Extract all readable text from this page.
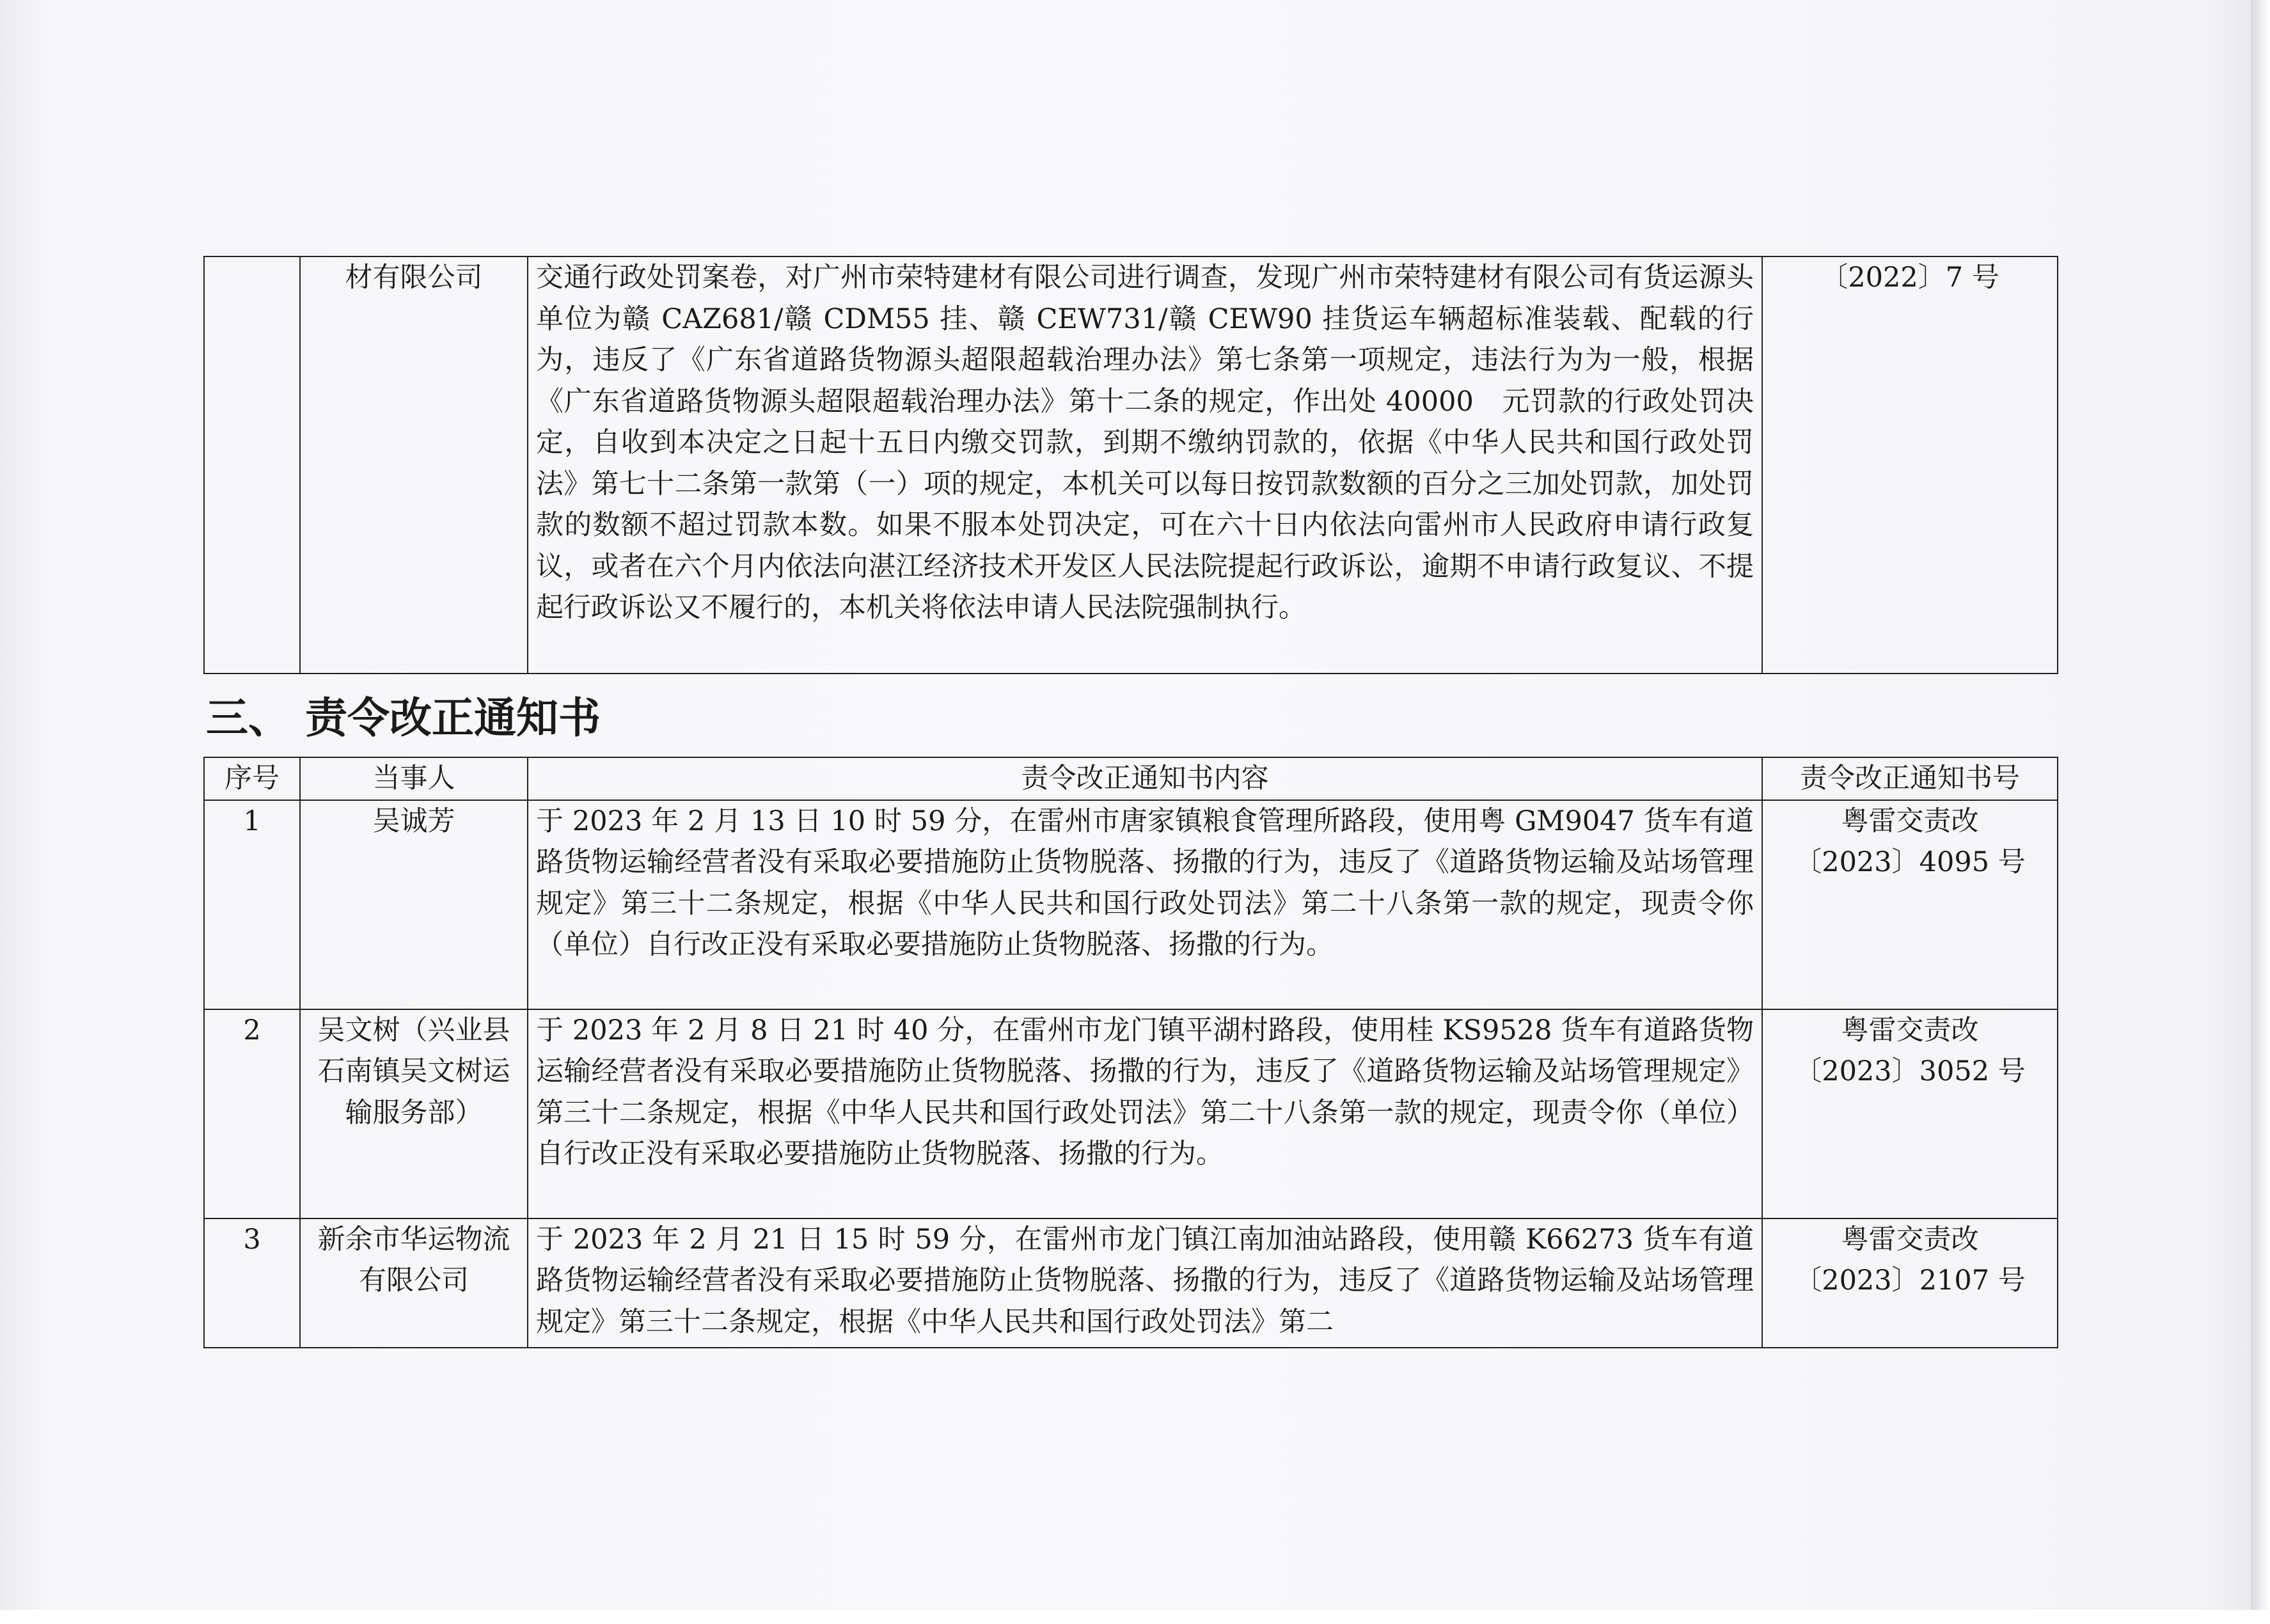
	材有限公司	交通行政处罚案卷，对广州市荣特建材有限公司进行调查，发现广州市荣特建材有限公司有货运源头单位为赣 CAZ681/赣 CDM55 挂、赣 CEW731/赣 CEW90 挂货运车辆超标准装载、配载的行为，违反了《广东省道路货物源头超限超载治理办法》第七条第一项规定，违法行为为一般，根据《广东省道路货物源头超限超载治理办法》第十二条的规定，作出处 40000　元罚款的行政处罚决定，自收到本决定之日起十五日内缴交罚款，到期不缴纳罚款的，依据《中华人民共和国行政处罚法》第七十二条第一款第（一）项的规定，本机关可以每日按罚款数额的百分之三加处罚款，加处罚款的数额不超过罚款本数。如果不服本处罚决定，可在六十日内依法向雷州市人民政府申请行政复议，或者在六个月内依法向湛江经济技术开发区人民法院提起行政诉讼，逾期不申请行政复议、不提起行政诉讼又不履行的，本机关将依法申请人民法院强制执行。	〔2022〕7 号
三、 责令改正通知书
序号	当事人	责令改正通知书内容	责令改正通知书号
1	吴诚芳	于 2023 年 2 月 13 日 10 时 59 分，在雷州市唐家镇粮食管理所路段，使用粤 GM9047 货车有道路货物运输经营者没有采取必要措施防止货物脱落、扬撒的行为，违反了《道路货物运输及站场管理规定》第三十二条规定，根据《中华人民共和国行政处罚法》第二十八条第一款的规定，现责令你（单位）自行改正没有采取必要措施防止货物脱落、扬撒的行为。	粤雷交责改
〔2023〕4095 号

2	吴文树（兴业县石南镇吴文树运输服务部）	于 2023 年 2 月 8 日 21 时 40 分，在雷州市龙门镇平湖村路段，使用桂 KS9528 货车有道路货物运输经营者没有采取必要措施防止货物脱落、扬撒的行为，违反了《道路货物运输及站场管理规定》第三十二条规定，根据《中华人民共和国行政处罚法》第二十八条第一款的规定，现责令你（单位）自行改正没有采取必要措施防止货物脱落、扬撒的行为。	粤雷交责改
〔2023〕3052 号

3	新余市华运物流有限公司	于 2023 年 2 月 21 日 15 时 59 分，在雷州市龙门镇江南加油站路段，使用赣 K66273 货车有道路货物运输经营者没有采取必要措施防止货物脱落、扬撒的行为，违反了《道路货物运输及站场管理规定》第三十二条规定，根据《中华人民共和国行政处罚法》第二	粤雷交责改
〔2023〕2107 号
